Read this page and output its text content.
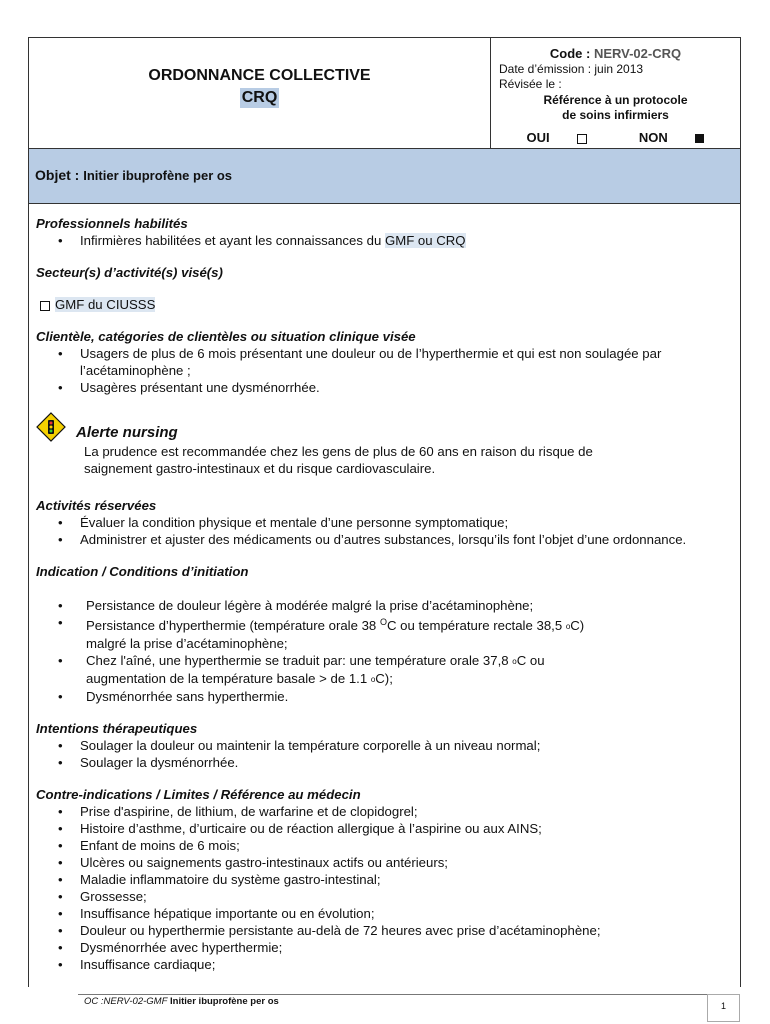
ORDONNANCE COLLECTIVE
CRQ
Code : NERV-02-CRQ
Date d’émission : juin 2013
Révisée le :
Référence à un protocole
de soins infirmiers
OUI	NON
Objet : Initier ibuprofène per os
Professionnels habilités
• Infirmières habilitées et ayant les connaissances du GMF ou CRQ
Secteur(s) d’activité(s) visé(s)
GMF du CIUSSS
Clientèle, catégories de clientèles ou situation clinique visée
• Usagers de plus de 6 mois présentant une douleur ou de l’hyperthermie et qui est non soulagée par
l’acétaminophène ;
• Usagères présentant une dysménorrhée.
Alerte nursing
La prudence est recommandée chez les gens de plus de 60 ans en raison du risque de
saignement gastro-intestinaux et du risque cardiovasculaire.
Activités réservées
• Évaluer la condition physique et mentale d’une personne symptomatique;
• Administrer et ajuster des médicaments ou d’autres substances, lorsqu’ils font l’objet d’une ordonnance.
Indication / Conditions d’initiation
• Persistance de douleur légère à modérée malgré la prise d’acétaminophène;
• Persistance d’hyperthermie (température orale 38 $^O$C ou température rectale 38,5 oC)
malgré la prise d’acétaminophène;
• Chez l'aîné, une hyperthermie se traduit par: une température orale 37,8 oC ou
augmentation de la température basale > de 1.1 oC);
• Dysménorrhée sans hyperthermie.
Intentions thérapeutiques
• Soulager la douleur ou maintenir la température corporelle à un niveau normal;
• Soulager la dysménorrhée.
Contre-indications / Limites / Référence au médecin
• Prise d'aspirine, de lithium, de warfarine et de clopidogrel;
• Histoire d’asthme, d’urticaire ou de réaction allergique à l’aspirine ou aux AINS;
• Enfant de moins de 6 mois;
• Ulcères ou saignements gastro-intestinaux actifs ou antérieurs;
• Maladie inflammatoire du système gastro-intestinal;
• Grossesse;
• Insuffisance hépatique importante ou en évolution;
• Douleur ou hyperthermie persistante au-delà de 72 heures avec prise d’acétaminophène;
• Dysménorrhée avec hyperthermie;
• Insuffisance cardiaque;
OC :NERV-02-GMF Initier ibuprofène per os	1
